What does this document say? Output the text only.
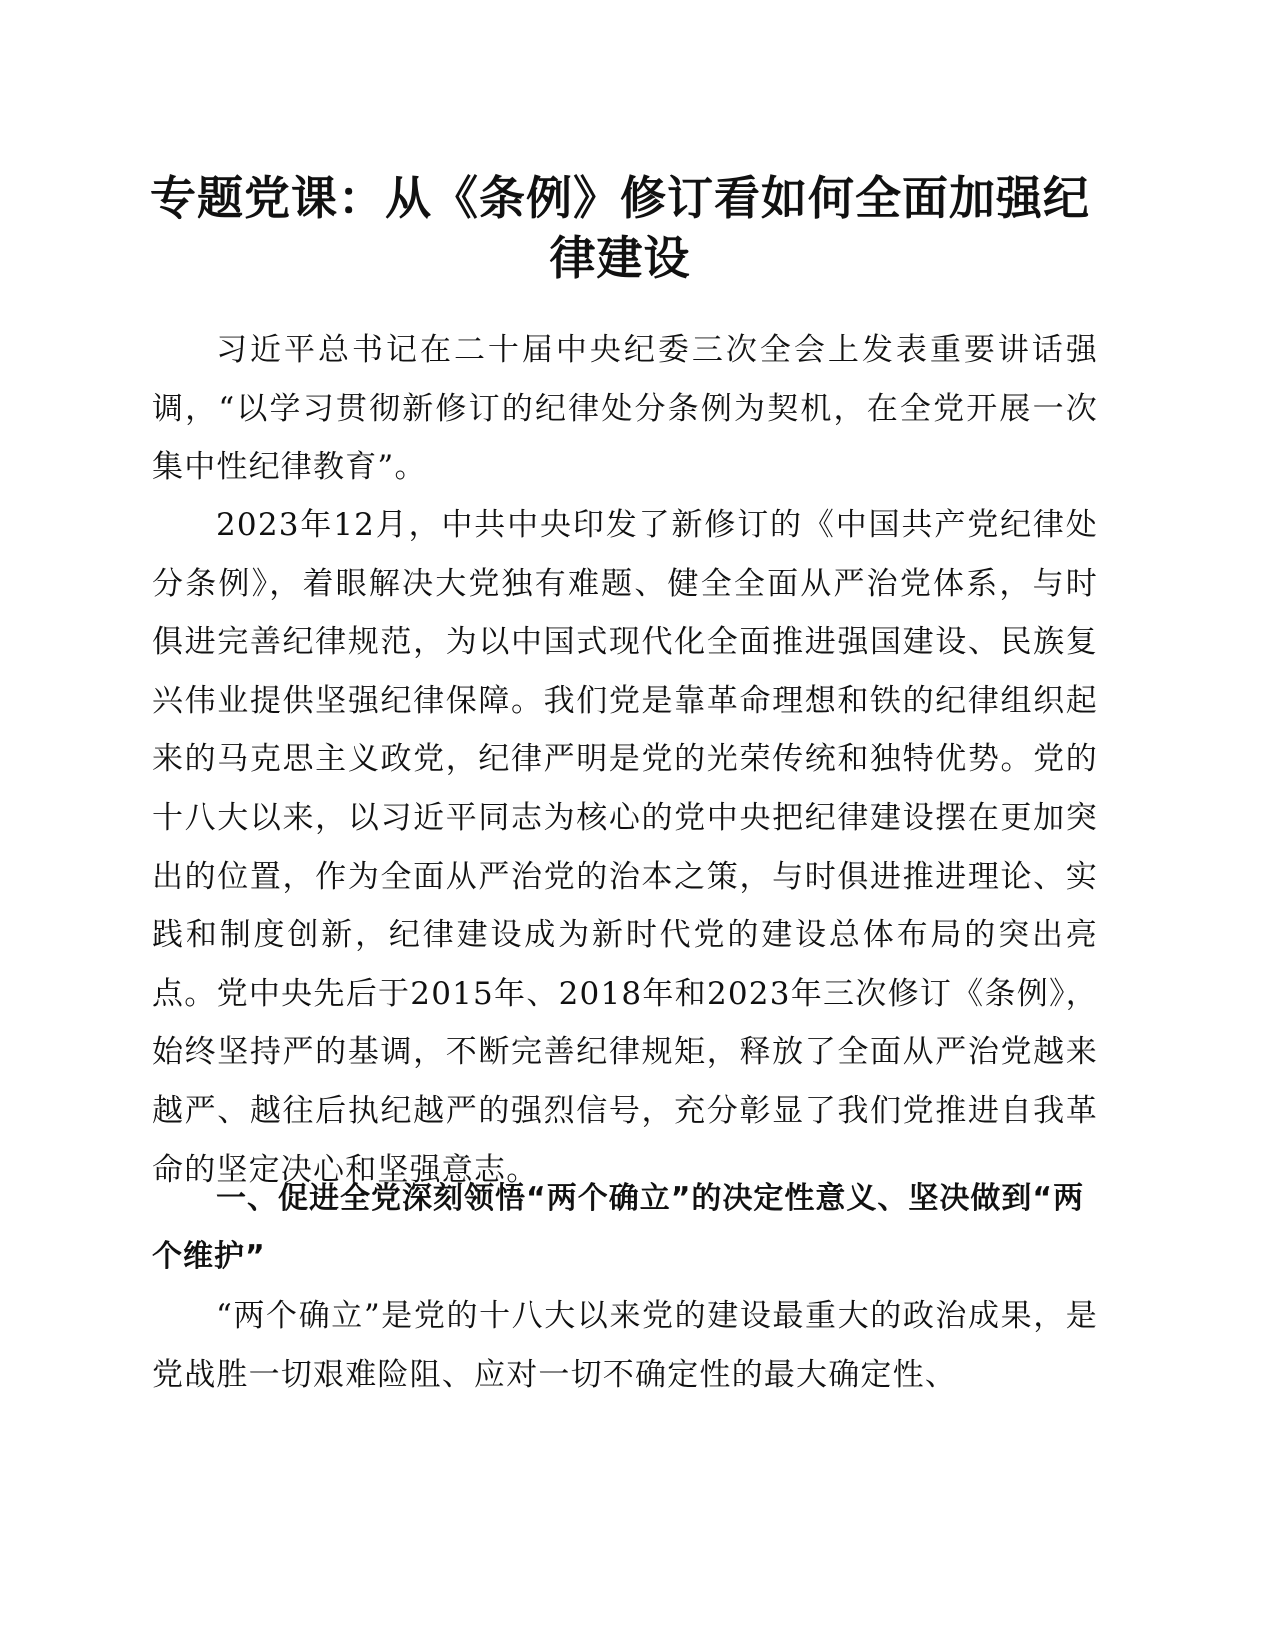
专题党课：从《条例》修订看如何全面加强纪律建设

习近平总书记在二十届中央纪委三次全会上发表重要讲话强调，“以学习贯彻新修订的纪律处分条例为契机，在全党开展一次集中性纪律教育”。

2023年12月，中共中央印发了新修订的《中国共产党纪律处分条例》，着眼解决大党独有难题、健全全面从严治党体系，与时俱进完善纪律规范，为以中国式现代化全面推进强国建设、民族复兴伟业提供坚强纪律保障。我们党是靠革命理想和铁的纪律组织起来的马克思主义政党，纪律严明是党的光荣传统和独特优势。党的十八大以来，以习近平同志为核心的党中央把纪律建设摆在更加突出的位置，作为全面从严治党的治本之策，与时俱进推进理论、实践和制度创新，纪律建设成为新时代党的建设总体布局的突出亮点。党中央先后于2015年、2018年和2023年三次修订《条例》，始终坚持严的基调，不断完善纪律规矩，释放了全面从严治党越来越严、越往后执纪越严的强烈信号，充分彰显了我们党推进自我革命的坚定决心和坚强意志。

一、促进全党深刻领悟“两个确立”的决定性意义、坚决做到“两个维护”

“两个确立”是党的十八大以来党的建设最重大的政治成果，是党战胜一切艰难险阻、应对一切不确定性的最大确定性、
